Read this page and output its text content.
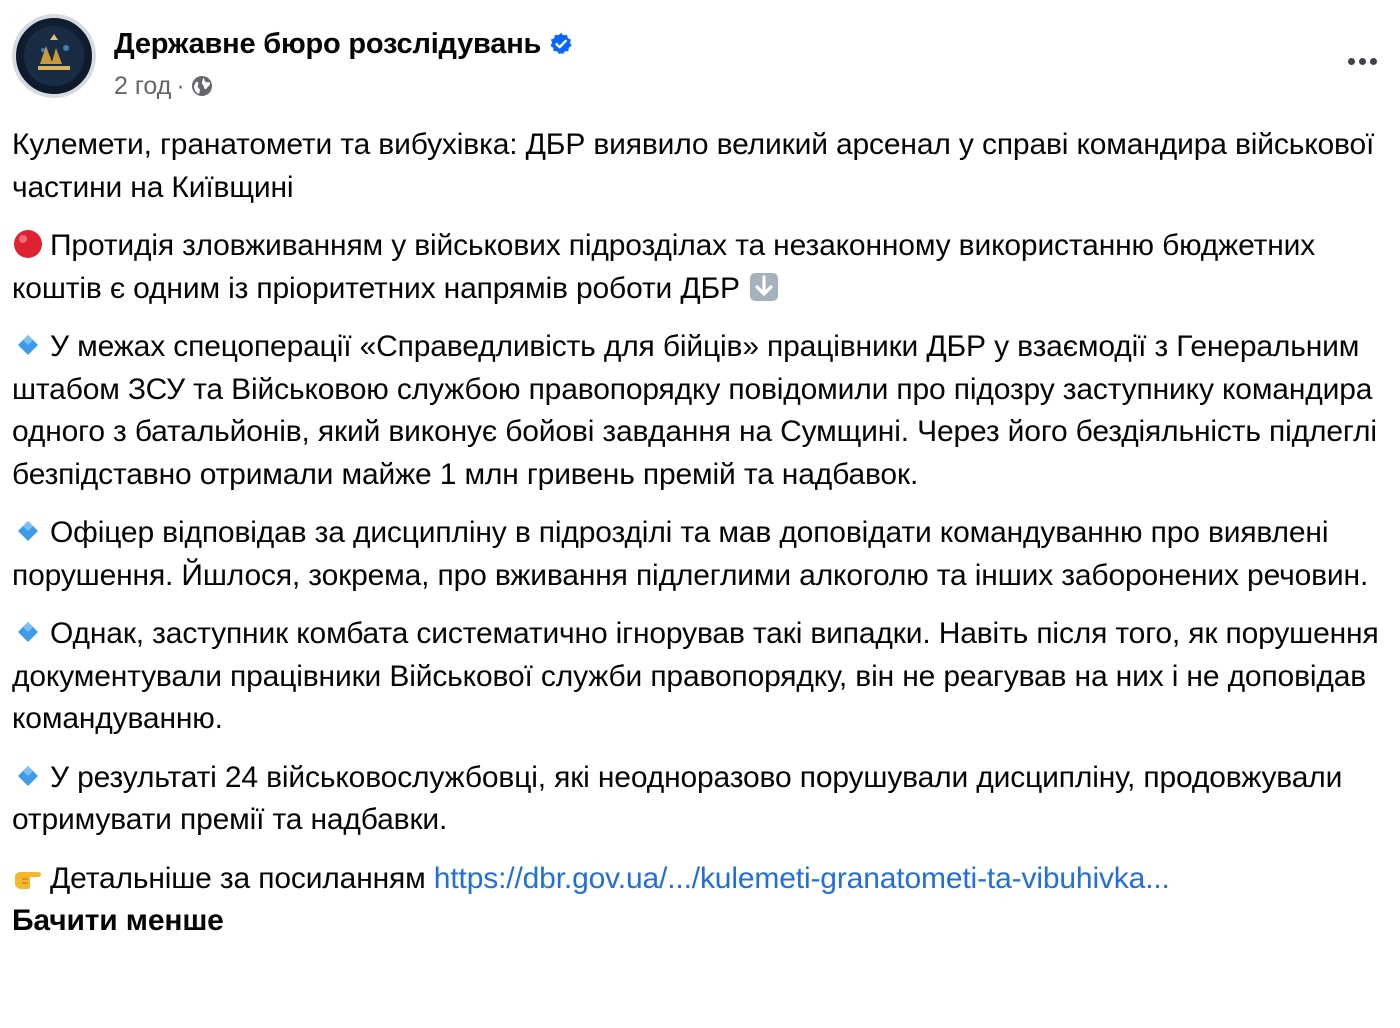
Державне бюро розслідувань
2 год ·

Кулемети, гранатомети та вибухівка: ДБР виявило великий арсенал у справі командира військової частини на Київщині

Протидія зловживанням у військових підрозділах та незаконному використанню бюджетних коштів є одним із пріоритетних напрямів роботи ДБР

У межах спецоперації «Справедливість для бійців» працівники ДБР у взаємодії з Генеральним штабом ЗСУ та Військовою службою правопорядку повідомили про підозру заступнику командира одного з батальйонів, який виконує бойові завдання на Сумщині. Через його бездіяльність підлеглі безпідставно отримали майже 1 млн гривень премій та надбавок.

Офіцер відповідав за дисципліну в підрозділі та мав доповідати командуванню про виявлені порушення. Йшлося, зокрема, про вживання підлеглими алкоголю та інших заборонених речовин.

Однак, заступник комбата систематично ігнорував такі випадки. Навіть після того, як порушення документували працівники Військової служби правопорядку, він не реагував на них і не доповідав командуванню.

У результаті 24 військовослужбовці, які неодноразово порушували дисципліну, продовжували отримувати премії та надбавки.

Детальніше за посиланням https://dbr.gov.ua/.../kulemeti-granatometi-ta-vibuhivka...

Бачити менше
